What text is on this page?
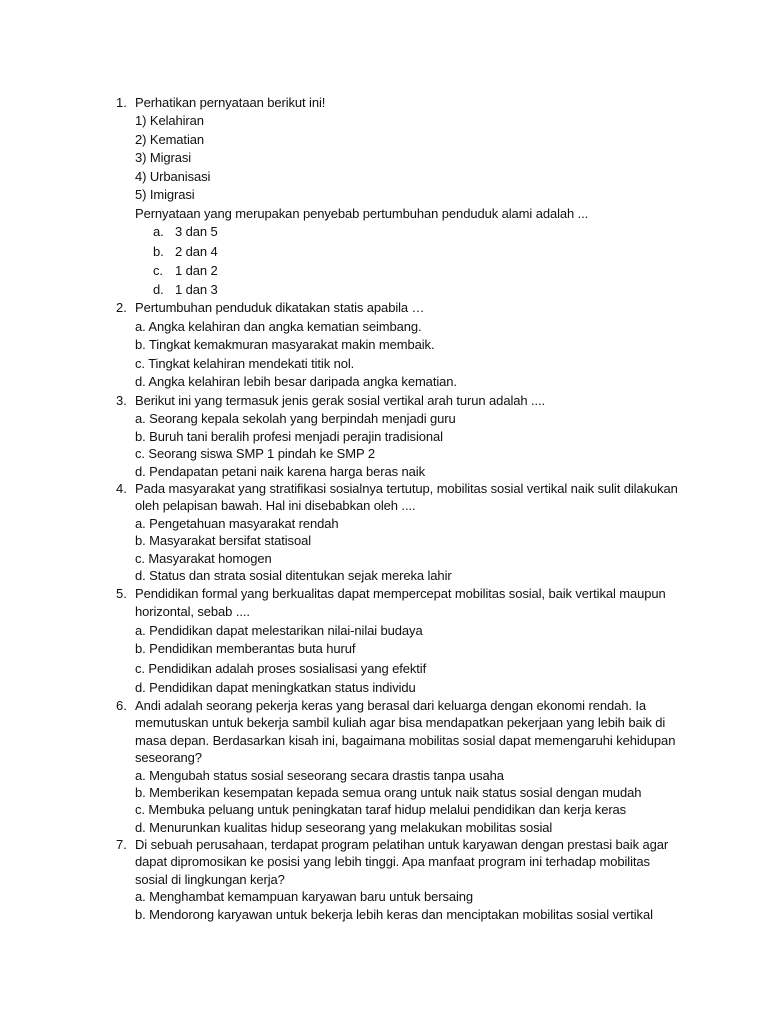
1. Perhatikan pernyataan berikut ini!
1) Kelahiran
2) Kematian
3) Migrasi
4) Urbanisasi
5) Imigrasi
Pernyataan yang merupakan penyebab pertumbuhan penduduk alami adalah ...
a. 3 dan 5
b. 2 dan 4
c. 1 dan 2
d. 1 dan 3
2. Pertumbuhan penduduk dikatakan statis apabila …
a. Angka kelahiran dan angka kematian seimbang.
b. Tingkat kemakmuran masyarakat makin membaik.
c. Tingkat kelahiran mendekati titik nol.
d. Angka kelahiran lebih besar daripada angka kematian.
3. Berikut ini yang termasuk jenis gerak sosial vertikal arah turun adalah ....
a. Seorang kepala sekolah yang berpindah menjadi guru
b. Buruh tani beralih profesi menjadi perajin tradisional
c. Seorang siswa SMP 1 pindah ke SMP 2
d. Pendapatan petani naik karena harga beras naik
4. Pada masyarakat yang stratifikasi sosialnya tertutup, mobilitas sosial vertikal naik sulit dilakukan
oleh pelapisan bawah. Hal ini disebabkan oleh ....
a. Pengetahuan masyarakat rendah
b. Masyarakat bersifat statisoal
c. Masyarakat homogen
d. Status dan strata sosial ditentukan sejak mereka lahir
5. Pendidikan formal yang berkualitas dapat mempercepat mobilitas sosial, baik vertikal maupun
horizontal, sebab ....
a. Pendidikan dapat melestarikan nilai-nilai budaya
b. Pendidikan memberantas buta huruf
c. Pendidikan adalah proses sosialisasi yang efektif
d. Pendidikan dapat meningkatkan status individu
6. Andi adalah seorang pekerja keras yang berasal dari keluarga dengan ekonomi rendah. Ia
memutuskan untuk bekerja sambil kuliah agar bisa mendapatkan pekerjaan yang lebih baik di
masa depan. Berdasarkan kisah ini, bagaimana mobilitas sosial dapat memengaruhi kehidupan
seseorang?
a. Mengubah status sosial seseorang secara drastis tanpa usaha
b. Memberikan kesempatan kepada semua orang untuk naik status sosial dengan mudah
c. Membuka peluang untuk peningkatan taraf hidup melalui pendidikan dan kerja keras
d. Menurunkan kualitas hidup seseorang yang melakukan mobilitas sosial
7. Di sebuah perusahaan, terdapat program pelatihan untuk karyawan dengan prestasi baik agar
dapat dipromosikan ke posisi yang lebih tinggi. Apa manfaat program ini terhadap mobilitas
sosial di lingkungan kerja?
a. Menghambat kemampuan karyawan baru untuk bersaing
b. Mendorong karyawan untuk bekerja lebih keras dan menciptakan mobilitas sosial vertikal
